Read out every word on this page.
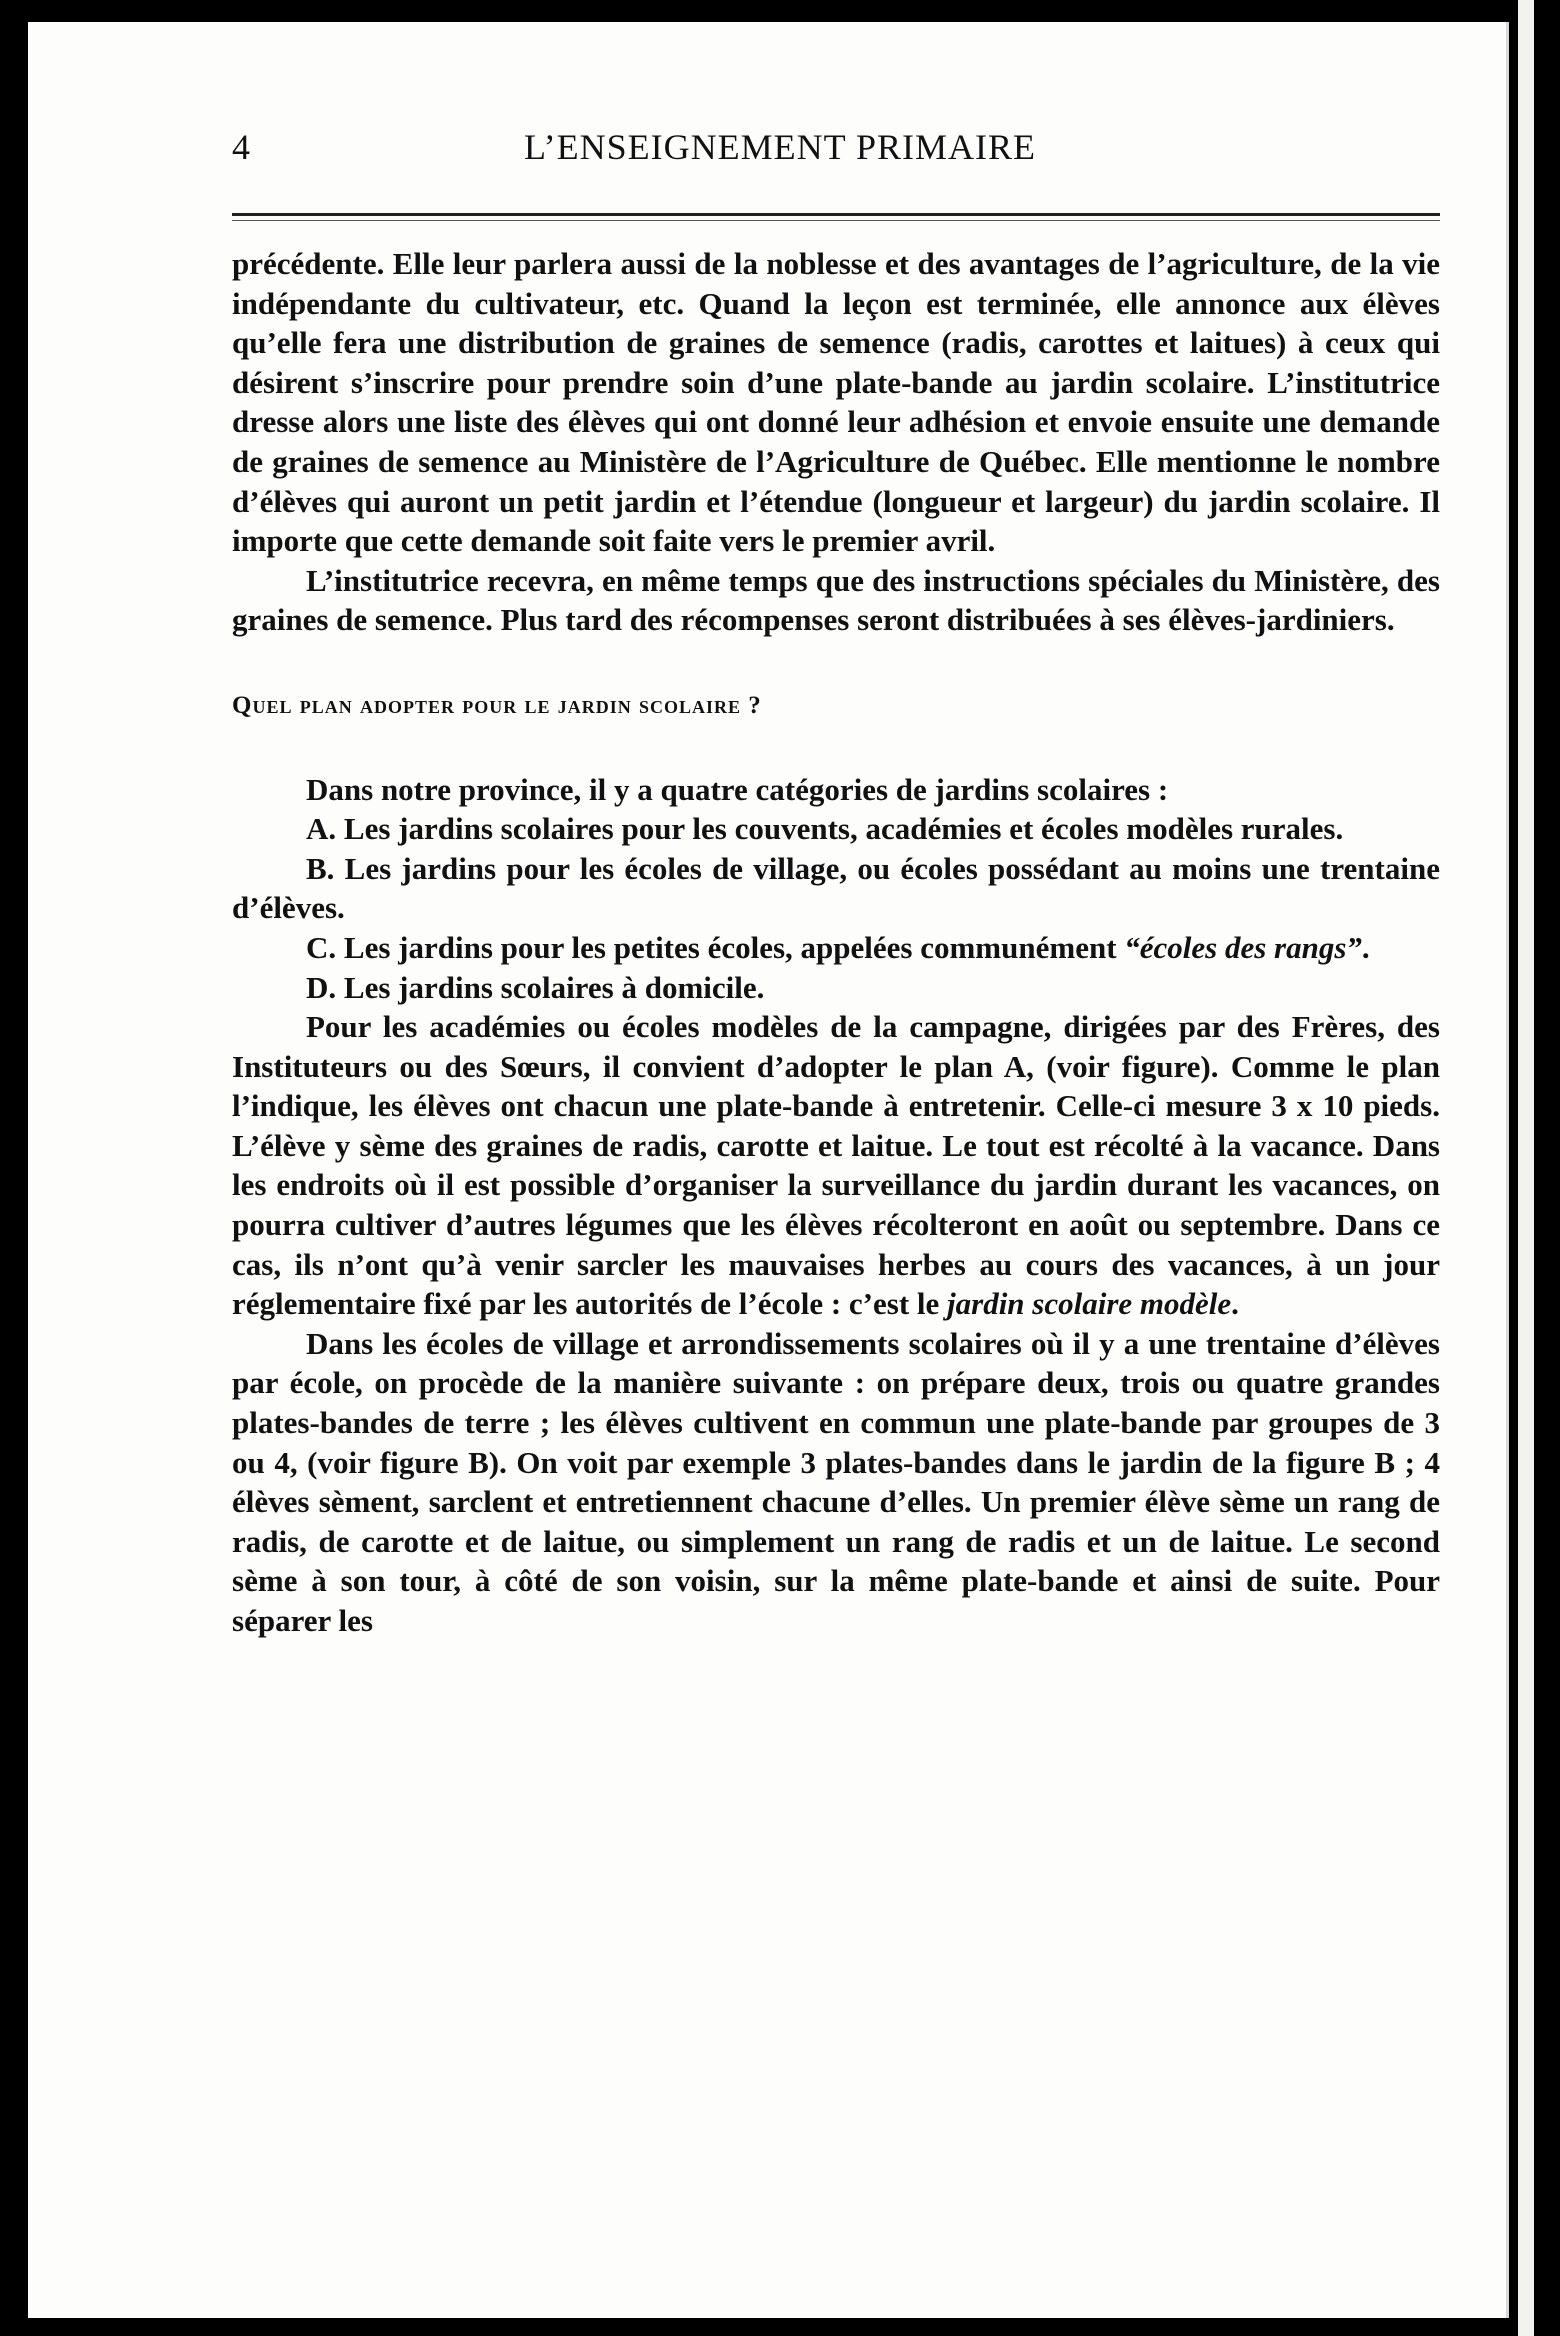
4	L’ENSEIGNEMENT PRIMAIRE

précédente. Elle leur parlera aussi de la noblesse et des avantages de l’agriculture, de la vie indépendante du cultivateur, etc. Quand la leçon est terminée, elle annonce aux élèves qu’elle fera une distribution de graines de semence (radis, carottes et laitues) à ceux qui désirent s’inscrire pour prendre soin d’une plate-bande au jardin scolaire. L’institutrice dresse alors une liste des élèves qui ont donné leur adhésion et envoie ensuite une demande de graines de semence au Ministère de l’Agriculture de Québec. Elle mentionne le nombre d’élèves qui auront un petit jardin et l’étendue (longueur et largeur) du jardin scolaire. Il importe que cette demande soit faite vers le premier avril.

L’institutrice recevra, en même temps que des instructions spéciales du Ministère, des graines de semence. Plus tard des récompenses seront distribuées à ses élèves-jardiniers.

Quel plan adopter pour le jardin scolaire ?

Dans notre province, il y a quatre catégories de jardins scolaires :

A. Les jardins scolaires pour les couvents, académies et écoles modèles rurales.

B. Les jardins pour les écoles de village, ou écoles possédant au moins une trentaine d’élèves.

C. Les jardins pour les petites écoles, appelées communément “écoles des rangs”.

D. Les jardins scolaires à domicile.

Pour les académies ou écoles modèles de la campagne, dirigées par des Frères, des Instituteurs ou des Sœurs, il convient d’adopter le plan A, (voir figure). Comme le plan l’indique, les élèves ont chacun une plate-bande à entretenir. Celle-ci mesure 3 x 10 pieds. L’élève y sème des graines de radis, carotte et laitue. Le tout est récolté à la vacance. Dans les endroits où il est possible d’organiser la surveillance du jardin durant les vacances, on pourra cultiver d’autres légumes que les élèves récolteront en août ou septembre. Dans ce cas, ils n’ont qu’à venir sarcler les mauvaises herbes au cours des vacances, à un jour réglementaire fixé par les autorités de l’école : c’est le jardin scolaire modèle.

Dans les écoles de village et arrondissements scolaires où il y a une trentaine d’élèves par école, on procède de la manière suivante : on prépare deux, trois ou quatre grandes plates-bandes de terre ; les élèves cultivent en commun une plate-bande par groupes de 3 ou 4, (voir figure B). On voit par exemple 3 plates-bandes dans le jardin de la figure B ; 4 élèves sèment, sarclent et entretiennent chacune d’elles. Un premier élève sème un rang de radis, de carotte et de laitue, ou simplement un rang de radis et un de laitue. Le second sème à son tour, à côté de son voisin, sur la même plate-bande et ainsi de suite. Pour séparer les
